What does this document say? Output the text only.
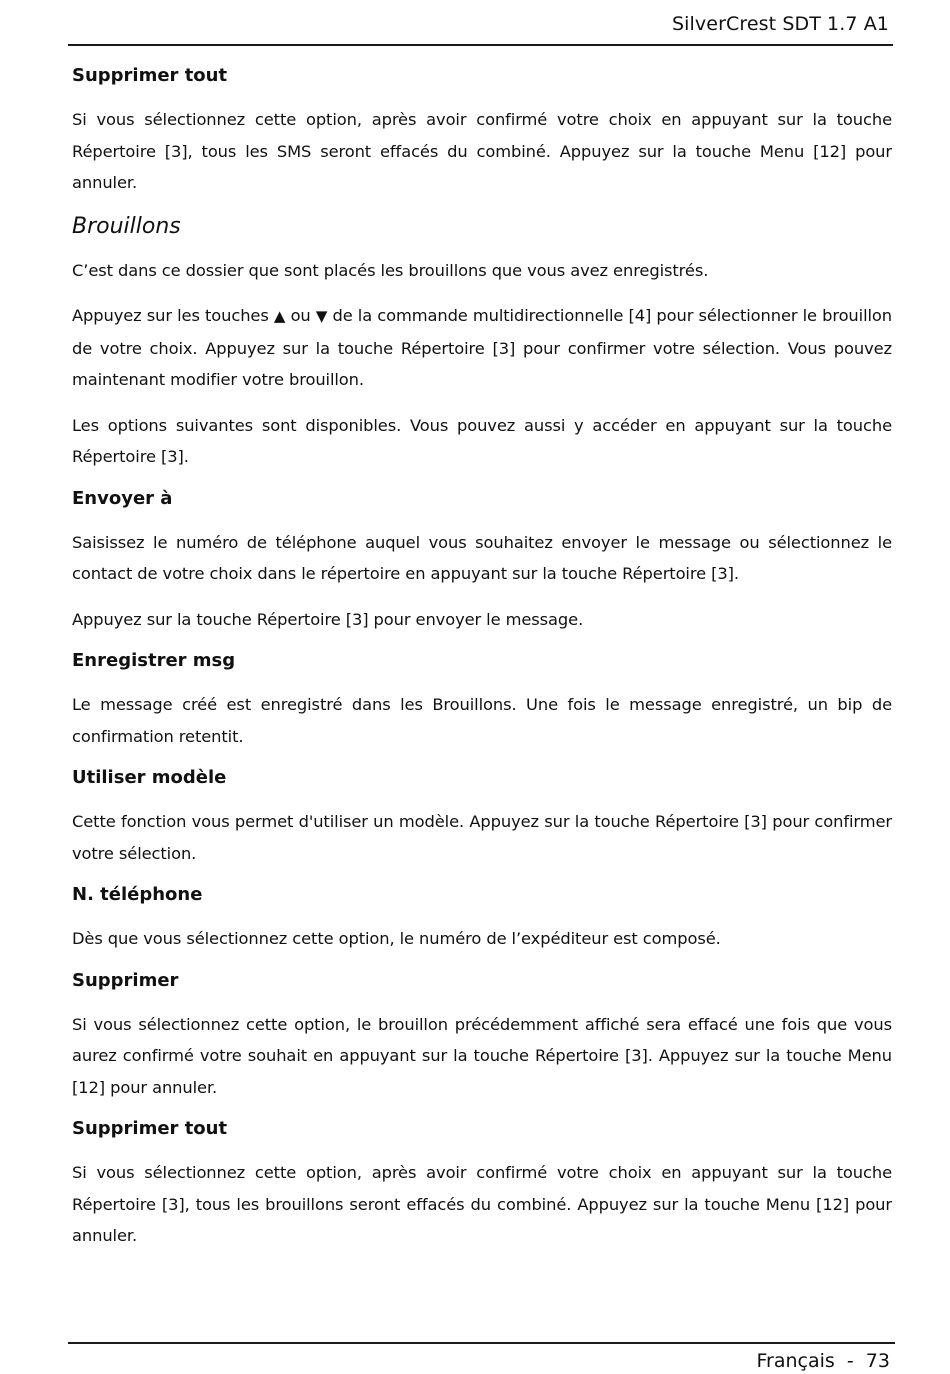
SilverCrest SDT 1.7 A1
Supprimer tout

Si vous sélectionnez cette option, après avoir confirmé votre choix en appuyant sur la touche Répertoire [3], tous les SMS seront effacés du combiné. Appuyez sur la touche Menu [12] pour annuler.

Brouillons

C’est dans ce dossier que sont placés les brouillons que vous avez enregistrés.

Appuyez sur les touches ▲ ou ▼ de la commande multidirectionnelle [4] pour sélectionner le brouillon de votre choix. Appuyez sur la touche Répertoire [3] pour confirmer votre sélection. Vous pouvez maintenant modifier votre brouillon.

Les options suivantes sont disponibles. Vous pouvez aussi y accéder en appuyant sur la touche Répertoire [3].

Envoyer à

Saisissez le numéro de téléphone auquel vous souhaitez envoyer le message ou sélectionnez le contact de votre choix dans le répertoire en appuyant sur la touche Répertoire [3].

Appuyez sur la touche Répertoire [3] pour envoyer le message.

Enregistrer msg

Le message créé est enregistré dans les Brouillons. Une fois le message enregistré, un bip de confirmation retentit.

Utiliser modèle

Cette fonction vous permet d'utiliser un modèle. Appuyez sur la touche Répertoire [3] pour confirmer votre sélection.

N. téléphone

Dès que vous sélectionnez cette option, le numéro de l’expéditeur est composé.

Supprimer

Si vous sélectionnez cette option, le brouillon précédemment affiché sera effacé une fois que vous aurez confirmé votre souhait en appuyant sur la touche Répertoire [3]. Appuyez sur la touche Menu [12] pour annuler.

Supprimer tout

Si vous sélectionnez cette option, après avoir confirmé votre choix en appuyant sur la touche Répertoire [3], tous les brouillons seront effacés du combiné. Appuyez sur la touche Menu [12] pour annuler.

Français  -  73
